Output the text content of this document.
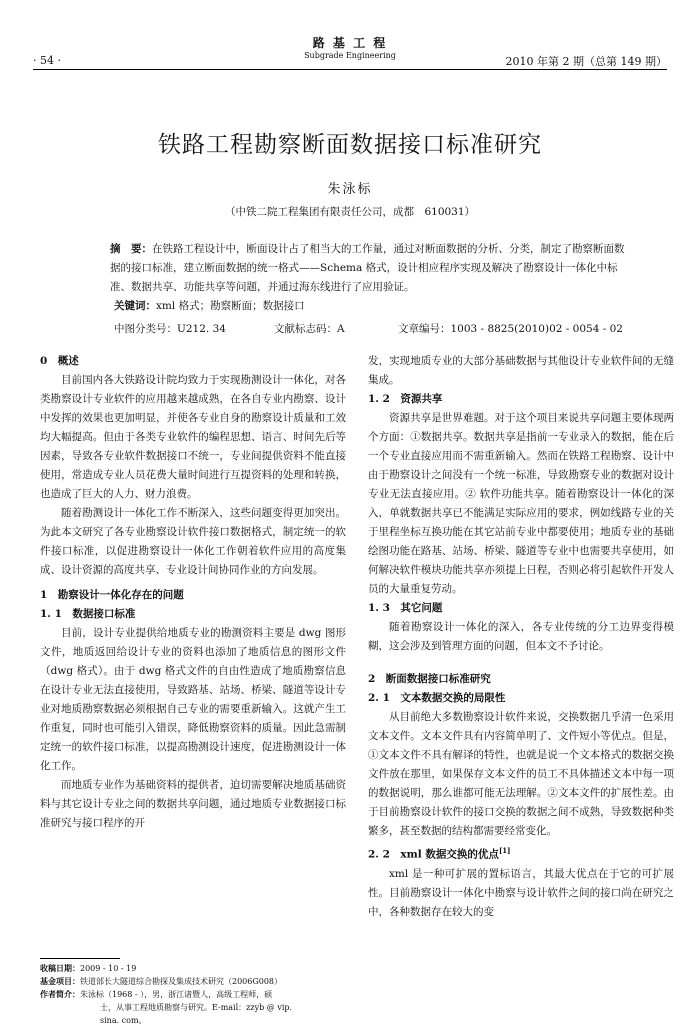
· 54 ·
路 基 工 程
Subgrade Engineering	2010 年第 2 期（总第 149 期）
铁路工程勘察断面数据接口标准研究
朱泳标
（中铁二院工程集团有限责任公司，成都　610031）
摘　要：在铁路工程设计中，断面设计占了相当大的工作量，通过对断面数据的分析、分类，制定了勘察断面数据的接口标准，建立断面数据的统一格式——Schema 格式，设计相应程序实现及解决了勘察设计一体化中标准、数据共享、功能共享等问题，并通过海东线进行了应用验证。
关键词：xml 格式；勘察断面；数据接口
中图分类号：U212. 34	文献标志码：A	文章编号：1003 - 8825(2010)02 - 0054 - 02
0　概述

目前国内各大铁路设计院均致力于实现勘测设计一体化，对各类勘察设计专业软件的应用越来越成熟，在各自专业内勘察、设计中发挥的效果也更加明显，并使各专业自身的勘察设计质量和工效均大幅提高。但由于各类专业软件的编程思想、语言、时间先后等因素，导致各专业软件数据接口不统一，专业间提供资料不能直接使用，常造成专业人员花费大量时间进行互提资料的处理和转换，也造成了巨大的人力、财力浪费。

随着勘测设计一体化工作不断深入，这些问题变得更加突出。为此本文研究了各专业勘察设计软件接口数据格式，制定统一的软件接口标准，以促进勘察设计一体化工作朝着软件应用的高度集成、设计资源的高度共享、专业设计间协同作业的方向发展。

1　勘察设计一体化存在的问题
1. 1　数据接口标准

目前，设计专业提供给地质专业的勘测资料主要是 dwg 图形文件，地质返回给设计专业的资料也添加了地质信息的图形文件（dwg 格式）。由于 dwg 格式文件的自由性造成了地质勘察信息在设计专业无法直接使用，导致路基、站场、桥梁、隧道等设计专业对地质勘察数据必须根据自己专业的需要重新输入。这就产生工作重复，同时也可能引入错误，降低勘察资料的质量。因此急需制定统一的软件接口标准，以提高勘测设计速度，促进勘测设计一体化工作。

而地质专业作为基础资料的提供者，迫切需要解决地质基础资料与其它设计专业之间的数据共享问题，通过地质专业数据接口标准研究与接口程序的开

发，实现地质专业的大部分基础数据与其他设计专业软件间的无缝集成。

1. 2　资源共享

资源共享是世界难题。对于这个项目来说共享问题主要体现两个方面：①数据共享。数据共享是指前一专业录入的数据，能在后一个专业直接应用而不需重新输入。然而在铁路工程勘察、设计中由于勘察设计之间没有一个统一标准，导致勘察专业的数据对设计专业无法直接应用。② 软件功能共享。随着勘察设计一体化的深入，单就数据共享已不能满足实际应用的要求，例如线路专业的关于里程坐标互换功能在其它站前专业中都要使用；地质专业的基础绘图功能在路基、站场、桥梁、隧道等专业中也需要共享使用，如何解决软件模块功能共享亦须提上日程，否则必将引起软件开发人员的大量重复劳动。

1. 3　其它问题

随着勘察设计一体化的深入，各专业传统的分工边界变得模糊，这会涉及到管理方面的问题，但本文不予讨论。

2　断面数据接口标准研究
2. 1　文本数据交换的局限性

从目前绝大多数勘察设计软件来说，交换数据几乎清一色采用文本文件。文本文件具有内容简单明了、文件短小等优点。但是，①文本文件不具有解译的特性，也就是说一个文本格式的数据交换文件放在那里，如果保存文本文件的员工不具体描述文本中每一项的数据说明，那么谁都可能无法理解。②文本文件的扩展性差。由于目前勘察设计软件的接口交换的数据之间不成熟，导致数据种类繁多，甚至数据的结构都需要经常变化。

2. 2　xml 数据交换的优点[1]

xml 是一种可扩展的置标语言，其最大优点在于它的可扩展性。目前勘察设计一体化中勘察与设计软件之间的接口尚在研究之中，各种数据存在较大的变

收稿日期：2009 - 10 - 19
基金项目：铁道部长大隧道综合勘探及集成技术研究（2006G008）
作者简介：朱泳标（1968 - ），男，浙江诸暨人，高级工程师，硕
士，从事工程地质勘察与研究。E-mail：zzyb @ vip.
sina. com。
